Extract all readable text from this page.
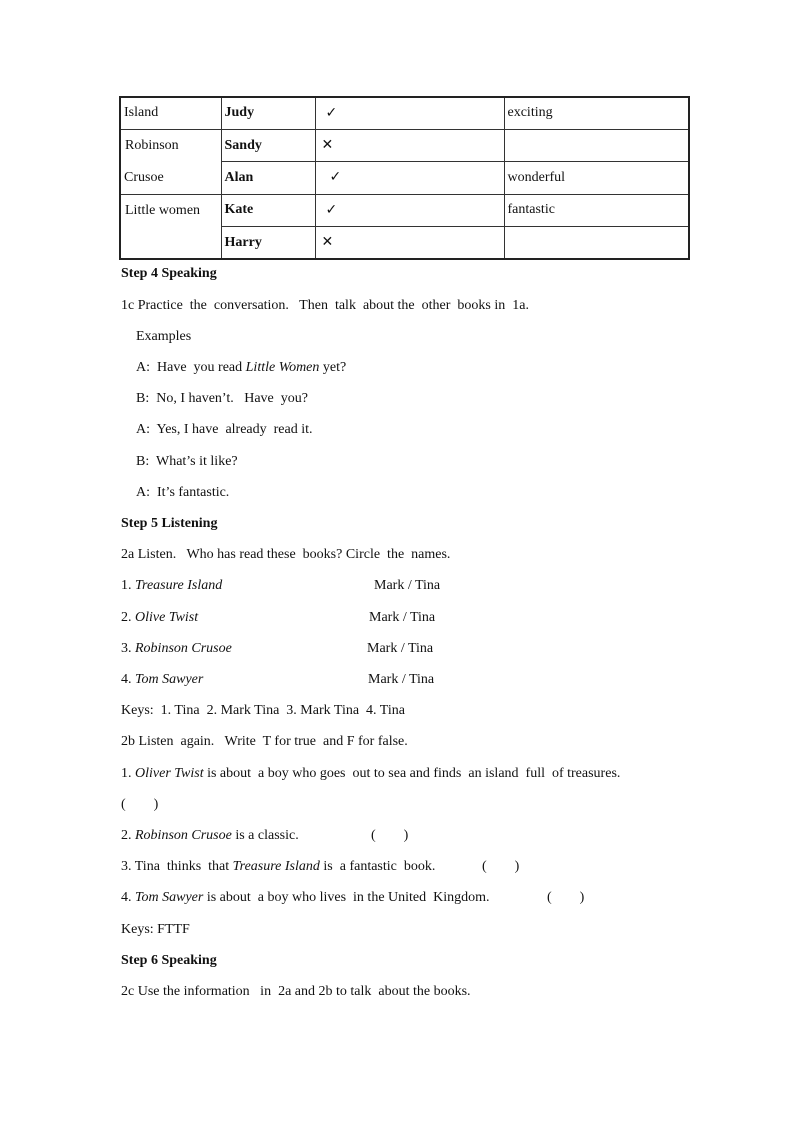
Island	Judy	✓	exciting
Robinson	Sandy	✕	
Crusoe	Alan	✓	wonderful
Little women	Kate	✓	fantastic
	Harry	✕	
Step 4 Speaking
1c Practice  the  conversation.   Then  talk  about the  other  books in  1a.
Examples
A:  Have  you read Little Women yet?
B:  No, I haven’t.   Have  you?
A:  Yes, I have  already  read it.
B:  What’s it like?
A:  It’s fantastic.
Step 5 Listening
2a Listen.   Who has read these  books? Circle  the  names.
1. Treasure Island	Mark / Tina
2. Olive Twist	Mark / Tina
3. Robinson Crusoe	Mark / Tina
4. Tom Sawyer	Mark / Tina
Keys:  1. Tina  2. Mark Tina  3. Mark Tina  4. Tina
2b Listen  again.   Write  T for true  and F for false.
1. Oliver Twist is about  a boy who goes  out to sea and finds  an island  full  of treasures.
(        )
2. Robinson Crusoe is a classic.	(        )
3. Tina  thinks  that Treasure Island is  a fantastic  book.	(        )
4. Tom Sawyer is about  a boy who lives  in the United  Kingdom.	(        )
Keys: FTTF
Step 6 Speaking
2c Use the information   in  2a and 2b to talk  about the books.
